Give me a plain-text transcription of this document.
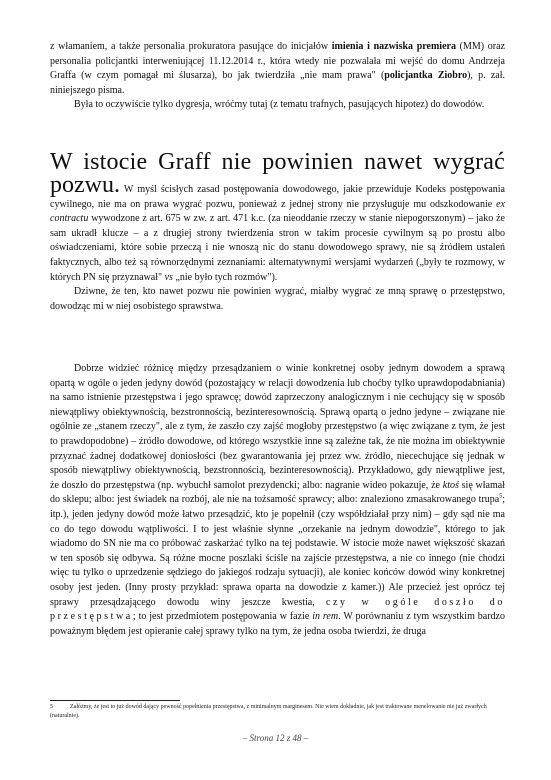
z włamaniem, a także personalia prokuratora pasujące do inicjałów imienia i nazwiska premiera (MM) oraz personalia policjantki interweniującej 11.12.2014 r., która wtedy nie pozwalała mi wejść do domu Andrzeja Graffa (w czym pomagał mi ślusarza), bo jak twierdziła „nie mam prawa" (policjantka Ziobro), p. zał. niniejszego pisma.

Była to oczywiście tylko dygresja, wróćmy tutaj (z tematu trafnych, pasujących hipotez) do dowodów.

W istocie Graff nie powinien nawet wygrać

pozwu. W myśl ścisłych zasad postępowania dowodowego, jakie przewiduje Kodeks postępowania cywilnego, nie ma on prawa wygrać pozwu, ponieważ z jednej strony nie przysługuje mu odszkodowanie ex contractu wywodzone z art. 675 w zw. z art. 471 k.c. (za nieoddanie rzeczy w stanie niepogorszonym) – jako że sam ukradł klucze – a z drugiej strony twierdzenia stron w takim procesie cywilnym są po prostu albo oświadczeniami, które sobie przeczą i nie wnoszą nic do stanu dowodowego sprawy, nie są źródłem ustaleń faktycznych, albo też są równorzędnymi zeznaniami: alternatywnymi wersjami wydarzeń („były te rozmowy, w których PN się przyznawał" vs „nie było tych rozmów").

Dziwne, że ten, kto nawet pozwu nie powinien wygrać, miałby wygrać ze mną sprawę o przestępstwo, dowodząc mi w niej osobistego sprawstwa.

Dobrze widzieć różnicę między przesądzaniem o winie konkretnej osoby jednym dowodem a sprawą opartą w ogóle o jeden jedyny dowód (pozostający w relacji dowodzenia lub choćby tylko uprawdopodabniania) na samo istnienie przestępstwa i jego sprawcę; dowód zaprzeczony analogicznym i nie cechujący się w sposób niewątpliwy obiektywnością, bezstronnością, bezinteresownością. Sprawą opartą o jedno jedyne – związane nie ogólnie ze „stanem rzeczy", ale z tym, że zaszło czy zajść mogłoby przestępstwo (a więc związane z tym, że jest to prawdopodobne) – źródło dowodowe, od którego wszystkie inne są zależne tak, że nie można im obiektywnie przyznać żadnej dodatkowej doniosłości (bez gwarantowania jej przez ww. źródło, niecechujące się jednak w sposób niewątpliwy obiektywnością, bezstronnością, bezinteresownością). Przykładowo, gdy niewątpliwe jest, że doszło do przestępstwa (np. wybuchł samolot prezydencki; albo: nagranie wideo pokazuje, że ktoś się włamał do sklepu; albo: jest świadek na rozbój, ale nie na tożsamość sprawcy; albo: znaleziono zmasakrowanego trupa$^5$; itp.), jeden jedyny dowód może łatwo przesądzić, kto je popełnił (czy współdziałał przy nim) – gdy sąd nie ma co do tego dowodu wątpliwości. I to jest właśnie słynne „orzekanie na jednym dowodzie", którego to jak wiadomo do SN nie ma co próbować zaskarżać tylko na tej podstawie. W istocie może nawet większość skazań w ten sposób się odbywa. Są różne mocne poszlaki ściśle na zajście przestępstwa, a nie co innego (nie chodzi więc tu tylko o uprzedzenie sędziego do jakiegoś rodzaju sytuacji), ale koniec końców dowód winy konkretnej osoby jest jeden. (Inny prosty przykład: sprawa oparta na dowodzie z kamer.)) Ale przecież jest oprócz tej sprawy przesądzającego dowodu winy jeszcze kwestia, czy w ogóle doszło do przestępstwa; to jest przedmiotem postępowania w fazie in rem. W porównaniu z tym wszystkim bardzo poważnym błędem jest opieranie całej sprawy tylko na tym, że jedna osoba twierdzi, że druga

5	Załóżmy, że jest to już dowód dający pewność popełnienia przestępstwa, z minimalnym marginesem. Nie wiem dokładnie, jak jest traktowane menelowanie nie już zwarłych (naturalnie).
– Strona 12 z 48 –
